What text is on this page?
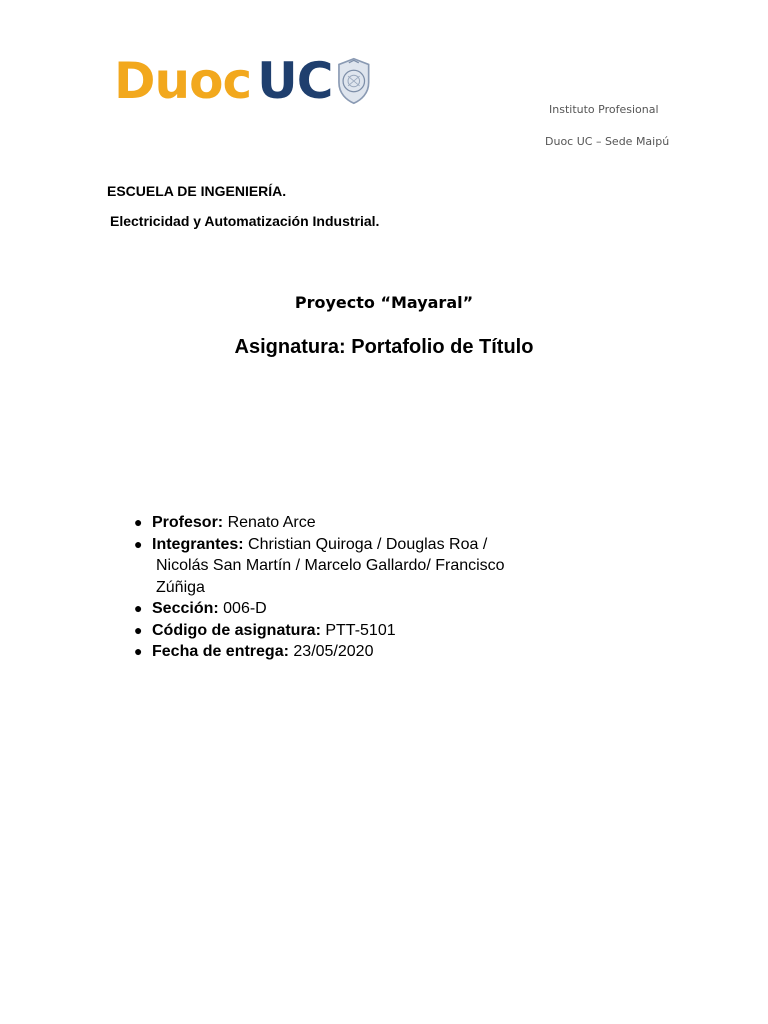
Duoc UC	Instituto Profesional
Duoc UC – Sede Maipú
ESCUELA DE INGENIERÍA.
Electricidad y Automatización Industrial.
Proyecto “Mayaral”
Asignatura: Portafolio de Título
● Profesor: Renato Arce
● Integrantes: Christian Quiroga / Douglas Roa /
Nicolás San Martín / Marcelo Gallardo/ Francisco
Zúñiga
● Sección: 006-D
● Código de asignatura: PTT-5101
● Fecha de entrega: 23/05/2020
